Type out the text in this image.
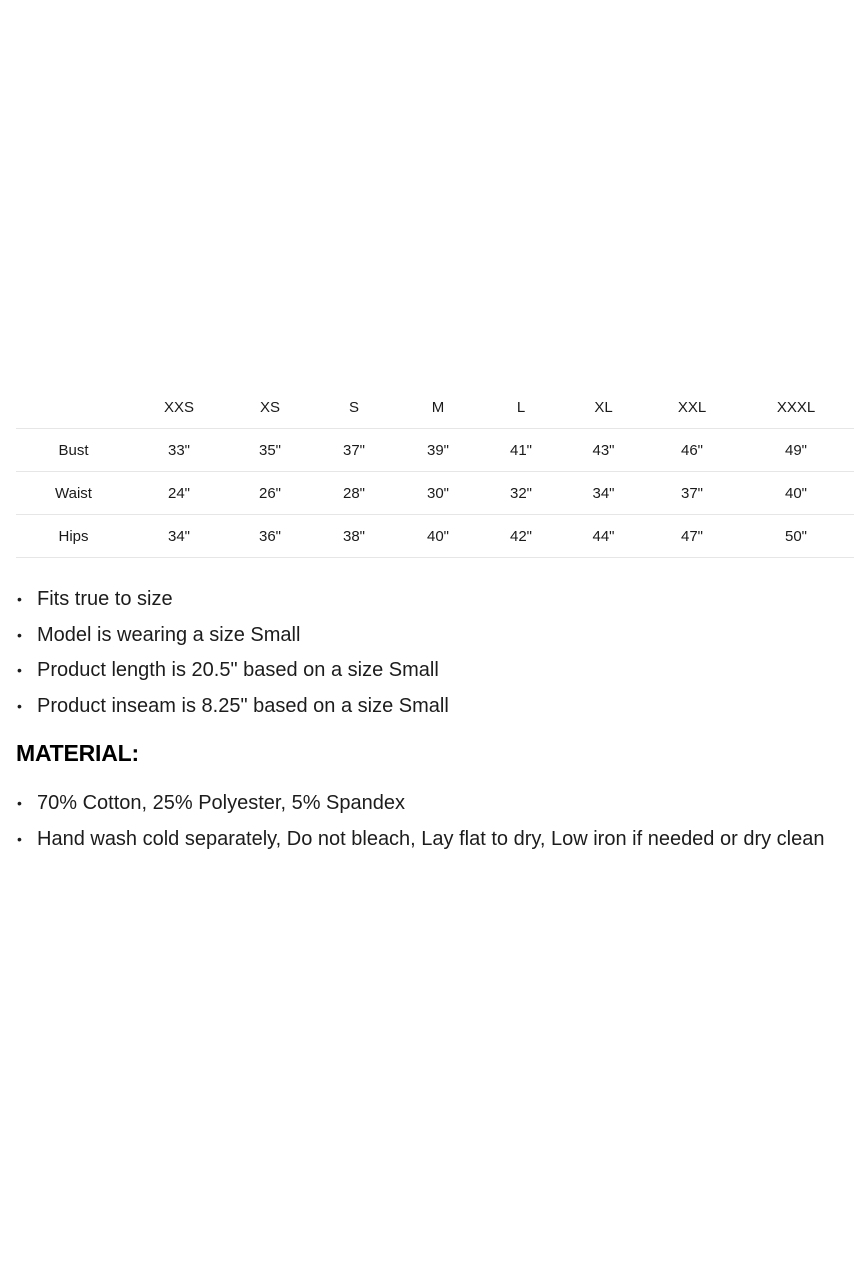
	XXS	XS	S	M	L	XL	XXL	XXXL
Bust	33"	35"	37"	39"	41"	43"	46"	49"
Waist	24"	26"	28"	30"	32"	34"	37"	40"
Hips	34"	36"	38"	40"	42"	44"	47"	50"
• Fits true to size
• Model is wearing a size Small
• Product length is 20.5" based on a size Small
• Product inseam is 8.25" based on a size Small
MATERIAL:
• 70% Cotton, 25% Polyester, 5% Spandex
• Hand wash cold separately, Do not bleach, Lay flat to dry, Low iron if needed or dry clean
